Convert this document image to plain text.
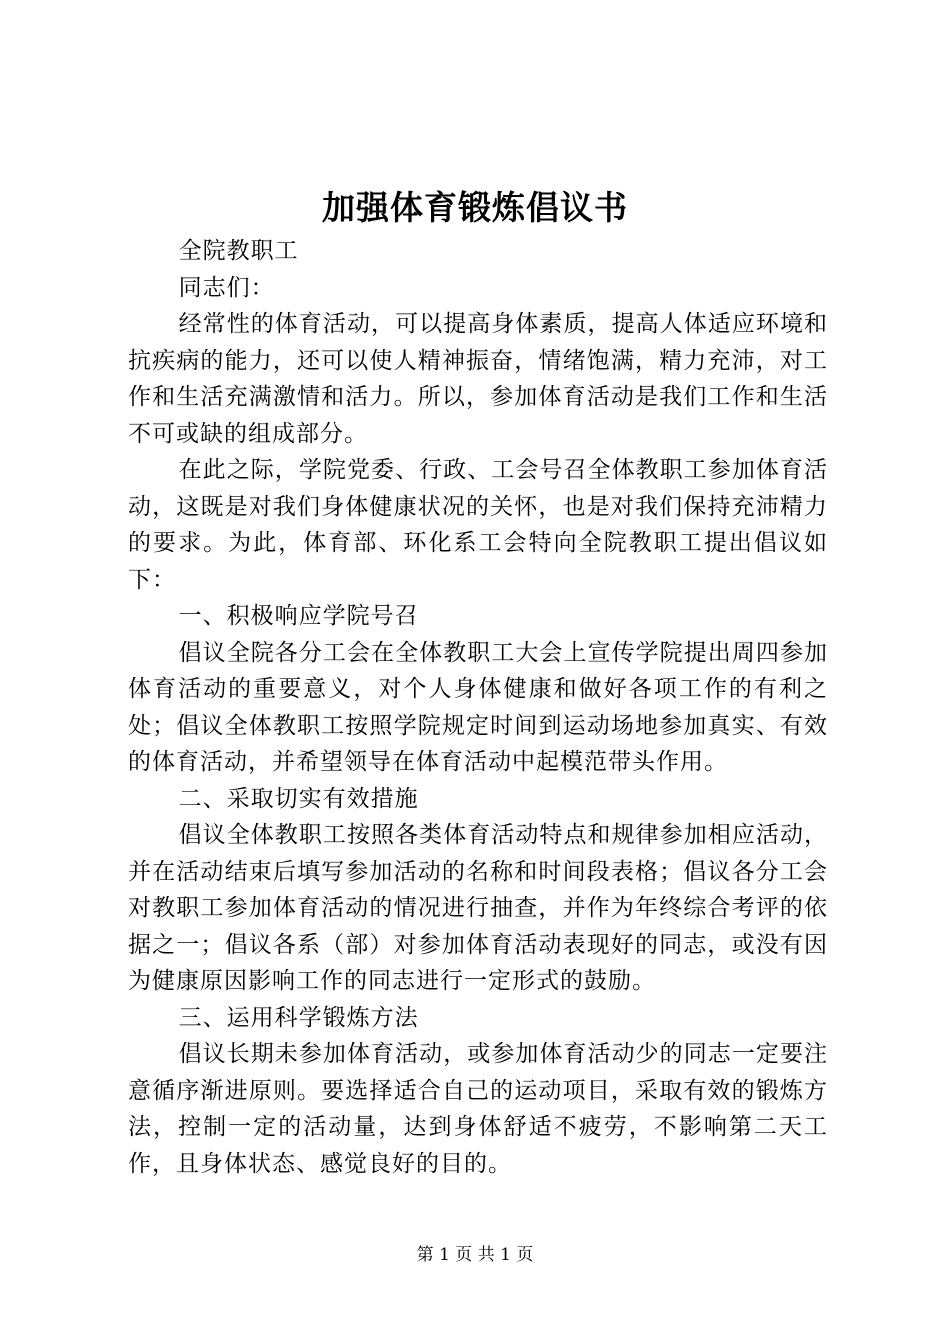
加强体育锻炼倡议书

全院教职工

同志们：

经常性的体育活动，可以提高身体素质，提高人体适应环境和抗疾病的能力，还可以使人精神振奋，情绪饱满，精力充沛，对工作和生活充满激情和活力。所以，参加体育活动是我们工作和生活不可或缺的组成部分。

在此之际，学院党委、行政、工会号召全体教职工参加体育活动，这既是对我们身体健康状况的关怀，也是对我们保持充沛精力的要求。为此，体育部、环化系工会特向全院教职工提出倡议如下：

一、积极响应学院号召

倡议全院各分工会在全体教职工大会上宣传学院提出周四参加体育活动的重要意义，对个人身体健康和做好各项工作的有利之处；倡议全体教职工按照学院规定时间到运动场地参加真实、有效的体育活动，并希望领导在体育活动中起模范带头作用。

二、采取切实有效措施

倡议全体教职工按照各类体育活动特点和规律参加相应活动，并在活动结束后填写参加活动的名称和时间段表格；倡议各分工会对教职工参加体育活动的情况进行抽查，并作为年终综合考评的依据之一；倡议各系（部）对参加体育活动表现好的同志，或没有因为健康原因影响工作的同志进行一定形式的鼓励。

三、运用科学锻炼方法

倡议长期未参加体育活动，或参加体育活动少的同志一定要注意循序渐进原则。要选择适合自己的运动项目，采取有效的锻炼方法，控制一定的活动量，达到身体舒适不疲劳，不影响第二天工作，且身体状态、感觉良好的目的。

第 1 页 共 1 页
